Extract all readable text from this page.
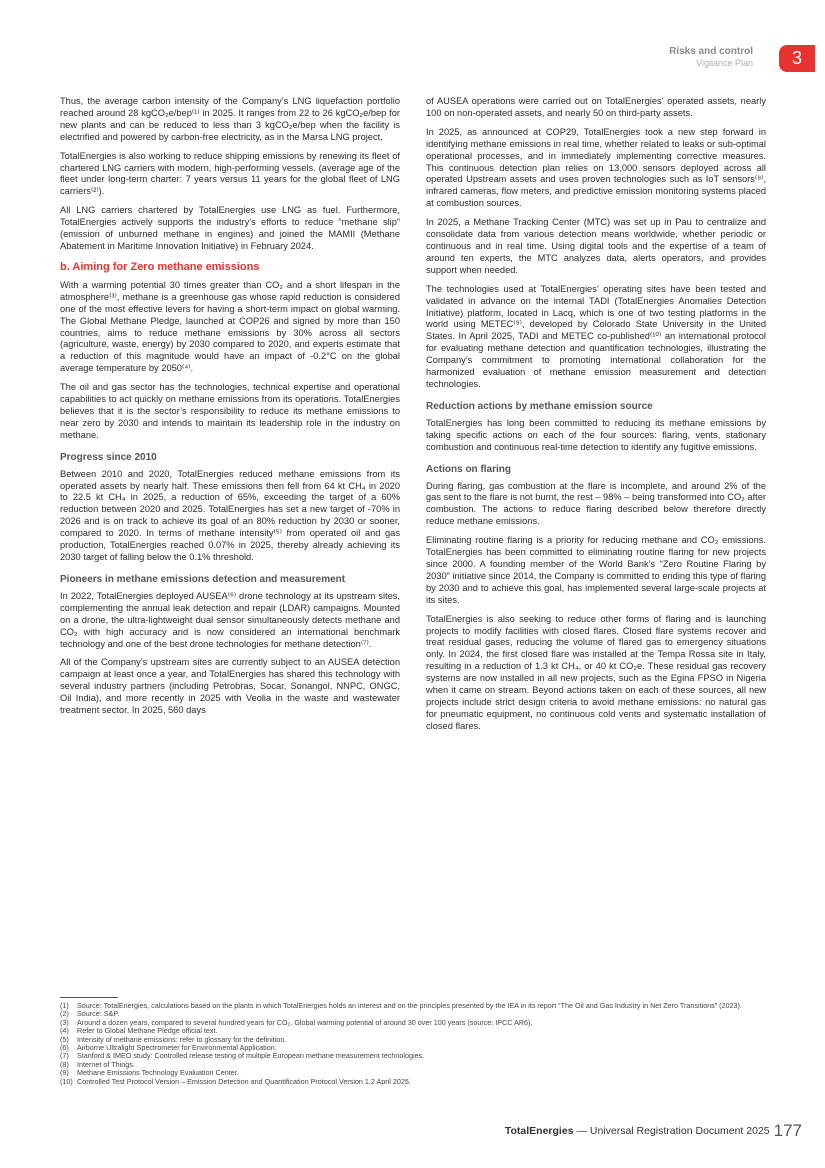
Risks and control
Vigilance Plan	3

Thus, the average carbon intensity of the Company’s LNG liquefaction portfolio reached around 28 kgCO₂e/bep⁽¹⁾ in 2025. It ranges from 22 to 26 kgCO₂e/bep for new plants and can be reduced to less than 3 kgCO₂e/bep when the facility is electrified and powered by carbon-free electricity, as in the Marsa LNG project.

TotalEnergies is also working to reduce shipping emissions by renewing its fleet of chartered LNG carriers with modern, high-performing vessels. (average age of the fleet under long-term charter: 7 years versus 11 years for the global fleet of LNG carriers⁽²⁾).

All LNG carriers chartered by TotalEnergies use LNG as fuel. Furthermore, TotalEnergies actively supports the industry’s efforts to reduce “methane slip” (emission of unburned methane in engines) and joined the MAMII (Methane Abatement in Maritime Innovation Initiative) in February 2024.

b. Aiming for Zero methane emissions

With a warming potential 30 times greater than CO₂ and a short lifespan in the atmosphere⁽³⁾, methane is a greenhouse gas whose rapid reduction is considered one of the most effective levers for having a short-term impact on global warming. The Global Methane Pledge, launched at COP26 and signed by more than 150 countries, aims to reduce methane emissions by 30% across all sectors (agriculture, waste, energy) by 2030 compared to 2020, and experts estimate that a reduction of this magnitude would have an impact of -0.2°C on the global average temperature by 2050⁽⁴⁾.

The oil and gas sector has the technologies, technical expertise and operational capabilities to act quickly on methane emissions from its operations. TotalEnergies believes that it is the sector’s responsibility to reduce its methane emissions to near zero by 2030 and intends to maintain its leadership role in the industry on methane.

Progress since 2010

Between 2010 and 2020, TotalEnergies reduced methane emissions from its operated assets by nearly half. These emissions then fell from 64 kt CH₄ in 2020 to 22.5 kt CH₄ in 2025, a reduction of 65%, exceeding the target of a 60% reduction between 2020 and 2025. TotalEnergies has set a new target of -70% in 2026 and is on track to achieve its goal of an 80% reduction by 2030 or sooner, compared to 2020. In terms of methane intensity⁽⁵⁾ from operated oil and gas production, TotalEnergies reached 0.07% in 2025, thereby already achieving its 2030 target of falling below the 0.1% threshold.

Pioneers in methane emissions detection and measurement

In 2022, TotalEnergies deployed AUSEA⁽⁶⁾ drone technology at its upstream sites, complementing the annual leak detection and repair (LDAR) campaigns. Mounted on a drone, the ultra-lightweight dual sensor simultaneously detects methane and CO₂ with high accuracy and is now considered an international benchmark technology and one of the best drone technologies for methane detection⁽⁷⁾.

All of the Company’s upstream sites are currently subject to an AUSEA detection campaign at least once a year, and TotalEnergies has shared this technology with several industry partners (including Petrobras, Socar, Sonangol, NNPC, ONGC, Oil India), and more recently in 2025 with Veolia in the waste and wastewater treatment sector. In 2025, 560 days

of AUSEA operations were carried out on TotalEnergies’ operated assets, nearly 100 on non-operated assets, and nearly 50 on third-party assets.

In 2025, as announced at COP29, TotalEnergies took a new step forward in identifying methane emissions in real time, whether related to leaks or sub-optimal operational processes, and in immediately implementing corrective measures. This continuous detection plan relies on 13,000 sensors deployed across all operated Upstream assets and uses proven technologies such as IoT sensors⁽⁸⁾, infrared cameras, flow meters, and predictive emission monitoring systems placed at combustion sources.

In 2025, a Methane Tracking Center (MTC) was set up in Pau to centralize and consolidate data from various detection means worldwide, whether periodic or continuous and in real time. Using digital tools and the expertise of a team of around ten experts, the MTC analyzes data, alerts operators, and provides support when needed.

The technologies used at TotalEnergies’ operating sites have been tested and validated in advance on the internal TADI (TotalEnergies Anomalies Detection Initiative) platform, located in Lacq, which is one of two testing platforms in the world using METEC⁽⁹⁾, developed by Colorado State University in the United States. In April 2025, TADI and METEC co-published⁽¹⁰⁾ an international protocol for evaluating methane detection and quantification technologies, illustrating the Company’s commitment to promoting international collaboration for the harmonized evaluation of methane emission measurement and detection technologies.

Reduction actions by methane emission source

TotalEnergies has long been committed to reducing its methane emissions by taking specific actions on each of the four sources: flaring, vents, stationary combustion and continuous real-time detection to identify any fugitive emissions.

Actions on flaring

During flaring, gas combustion at the flare is incomplete, and around 2% of the gas sent to the flare is not burnt, the rest – 98% – being transformed into CO₂ after combustion. The actions to reduce flaring described below therefore directly reduce methane emissions.

Eliminating routine flaring is a priority for reducing methane and CO₂ emissions. TotalEnergies has been committed to eliminating routine flaring for new projects since 2000. A founding member of the World Bank’s “Zero Routine Flaring by 2030” initiative since 2014, the Company is committed to ending this type of flaring by 2030 and to achieve this goal, has implemented several large-scale projects at its sites.

TotalEnergies is also seeking to reduce other forms of flaring and is launching projects to modify facilities with closed flares. Closed flare systems recover and treat residual gases, reducing the volume of flared gas to emergency situations only. In 2024, the first closed flare was installed at the Tempa Rossa site in Italy, resulting in a reduction of 1.3 kt CH₄, or 40 kt CO₂e. These residual gas recovery systems are now installed in all new projects, such as the Egina FPSO in Nigeria when it came on stream. Beyond actions taken on each of these sources, all new projects include strict design criteria to avoid methane emissions: no natural gas for pneumatic equipment, no continuous cold vents and systematic installation of closed flares.

(1)	Source: TotalEnergies, calculations based on the plants in which TotalEnergies holds an interest and on the principles presented by the IEA in its report “The Oil and Gas Industry in Net Zero Transitions” (2023).
(2)	Source: S&P.
(3)	Around a dozen years, compared to several hundred years for CO₂. Global warming potential of around 30 over 100 years (source: IPCC AR6).
(4)	Refer to Global Methane Pledge official text.
(5)	Intensity of methane emissions: refer to glossary for the definition.
(6)	Airborne Ultralight Spectrometer for Environmental Application.
(7)	Stanford & IMEO study: Controlled release testing of multiple European methane measurement technologies.
(8)	Internet of Things.
(9)	Methane Emissions Technology Evaluation Center.
(10) Controlled Test Protocol Version – Emission Detection and Quantification Protocol Version 1.2 April 2025.
TotalEnergies — Universal Registration Document 2025 177
